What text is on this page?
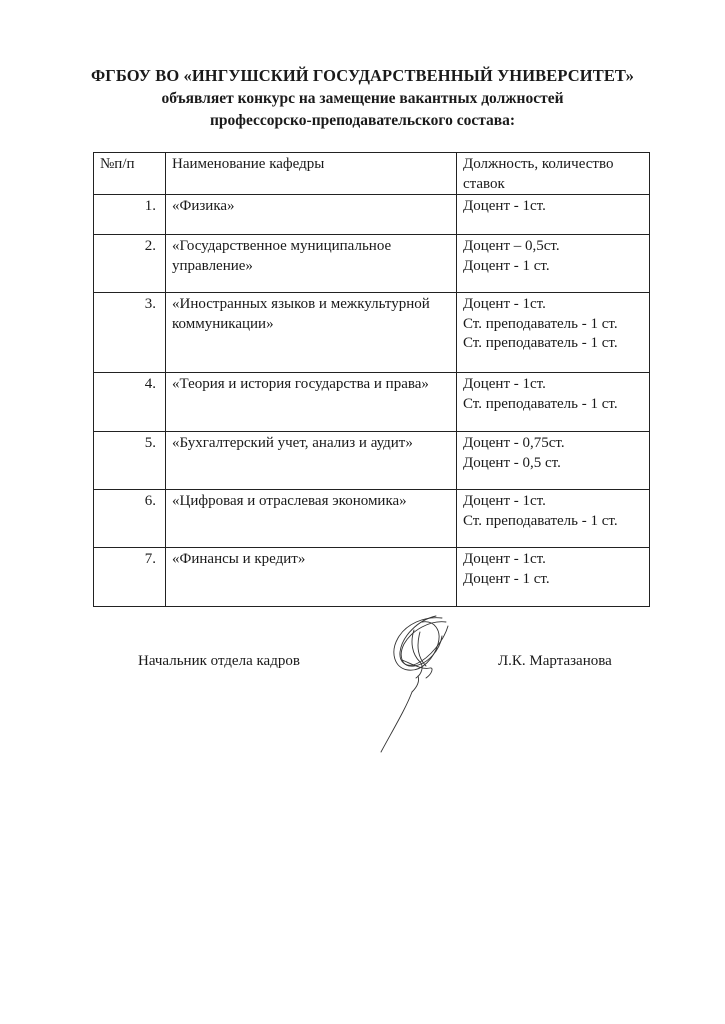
ФГБОУ ВО «ИНГУШСКИЙ ГОСУДАРСТВЕННЫЙ УНИВЕРСИТЕТ»
объявляет конкурс на замещение вакантных должностей
профессорско-преподавательского состава:
№п/п	Наименование кафедры	Должность, количество ставок
1.	«Физика»	Доцент - 1ст.

2.	«Государственное муниципальное управление»	Доцент – 0,5ст.
Доцент - 1 ст.

3.	«Иностранных языков и межкультурной коммуникации»	Доцент - 1ст.
Ст. преподаватель - 1 ст.
Ст. преподаватель - 1 ст.

4.	«Теория и история государства и права»	Доцент - 1ст.
Ст. преподаватель - 1 ст.

5.	«Бухгалтерский учет, анализ и аудит»	Доцент - 0,75ст.
Доцент - 0,5 ст.

6.	«Цифровая и отраслевая экономика»	Доцент - 1ст.
Ст. преподаватель - 1 ст.

7.	«Финансы и кредит»	Доцент - 1ст.
Доцент - 1 ст.
Начальник отдела кадров	Л.К. Мартазанова
